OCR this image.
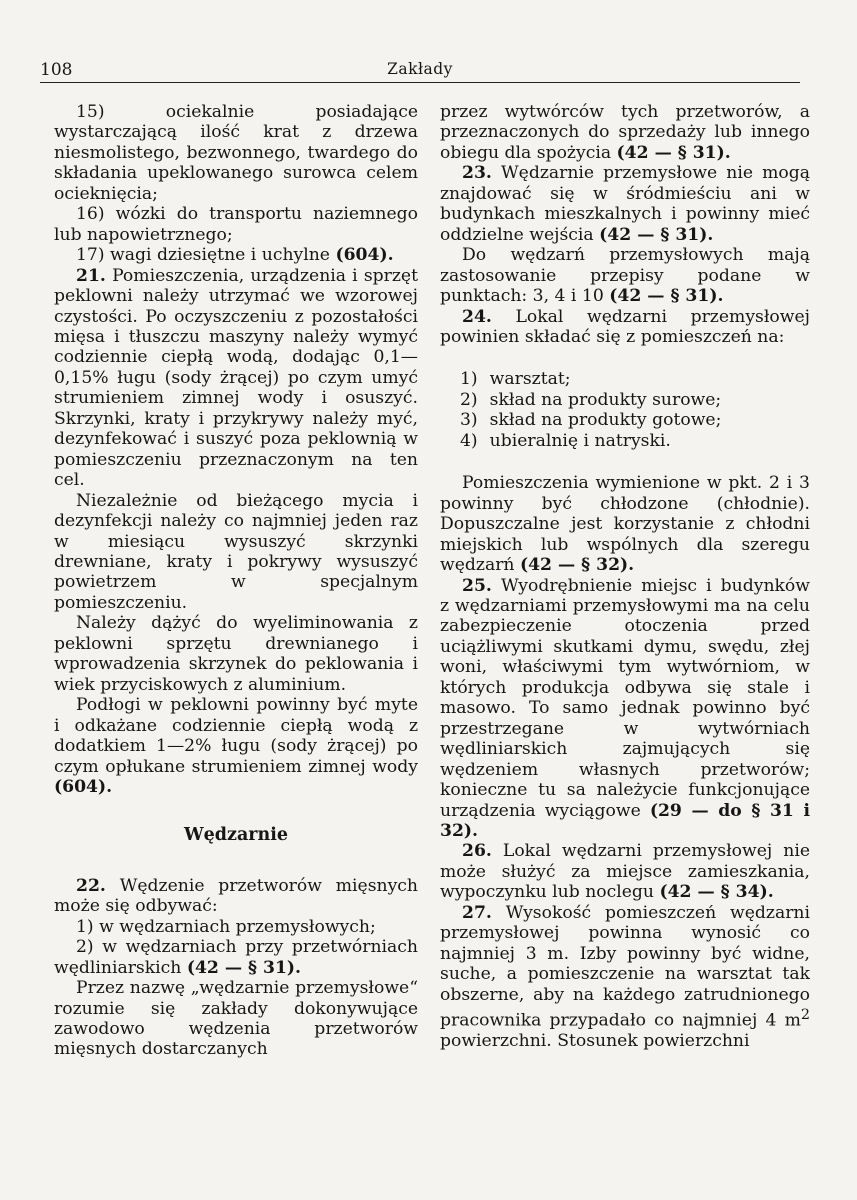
108	Zakłady

15) ociekalnie posiadające wystarczającą ilość krat z drzewa niesmolistego, bezwonnego, twardego do składania upeklowanego surowca celem ocieknięcia;

16) wózki do transportu naziemnego lub napowietrznego;

17) wagi dziesiętne i uchylne (604).

21. Pomieszczenia, urządzenia i sprzęt peklowni należy utrzymać we wzorowej czystości. Po oczyszczeniu z pozostałości mięsa i tłuszczu maszyny należy wymyć codziennie ciepłą wodą, dodając 0,1—0,15% ługu (sody żrącej) po czym umyć strumieniem zimnej wody i osuszyć. Skrzynki, kraty i przykrywy należy myć, dezynfekować i suszyć poza peklownią w pomieszczeniu przeznaczonym na ten cel.

Niezależnie od bieżącego mycia i dezynfekcji należy co najmniej jeden raz w miesiącu wysuszyć skrzynki drewniane, kraty i pokrywy wysuszyć powietrzem w specjalnym pomieszczeniu.

Należy dążyć do wyeliminowania z peklowni sprzętu drewnianego i wprowadzenia skrzynek do peklowania i wiek przyciskowych z aluminium.

Podłogi w peklowni powinny być myte i odkażane codziennie ciepłą wodą z dodatkiem 1—2% ługu (sody żrącej) po czym opłukane strumieniem zimnej wody (604).

Wędzarnie

22. Wędzenie przetworów mięsnych może się odbywać:

1) w wędzarniach przemysłowych;

2) w wędzarniach przy przetwórniach wędliniarskich (42 — § 31).

Przez nazwę „wędzarnie przemysłowe“ rozumie się zakłady dokonywujące zawodowo wędzenia przetworów mięsnych dostarczanych

przez wytwórców tych przetworów, a przeznaczonych do sprzedaży lub innego obiegu dla spożycia (42 — § 31).

23. Wędzarnie przemysłowe nie mogą znajdować się w śródmieściu ani w budynkach mieszkalnych i powinny mieć oddzielne wejścia (42 — § 31).

Do wędzarń przemysłowych mają zastosowanie przepisy podane w punktach: 3, 4 i 10 (42 — § 31).

24. Lokal wędzarni przemysłowej powinien składać się z pomieszczeń na:

1) warsztat;
2) skład na produkty surowe;
3) skład na produkty gotowe;
4) ubieralnię i natryski.

Pomieszczenia wymienione w pkt. 2 i 3 powinny być chłodzone (chłodnie). Dopuszczalne jest korzystanie z chłodni miejskich lub wspólnych dla szeregu wędzarń (42 — § 32).

25. Wyodrębnienie miejsc i budynków z wędzarniami przemysłowymi ma na celu zabezpieczenie otoczenia przed uciążliwymi skutkami dymu, swędu, złej woni, właściwymi tym wytwórniom, w których produkcja odbywa się stale i masowo. To samo jednak powinno być przestrzegane w wytwórniach wędliniarskich zajmujących się wędzeniem własnych przetworów; konieczne tu sa należycie funkcjonujące urządzenia wyciągowe (29 — do § 31 i 32).

26. Lokal wędzarni przemysłowej nie może służyć za miejsce zamieszkania, wypoczynku lub noclegu (42 — § 34).

27. Wysokość pomieszczeń wędzarni przemysłowej powinna wynosić co najmniej 3 m. Izby powinny być widne, suche, a pomieszczenie na warsztat tak obszerne, aby na każdego zatrudnionego pracownika przypadało co najmniej 4 $m^2$ powierzchni. Stosunek powierzchni
